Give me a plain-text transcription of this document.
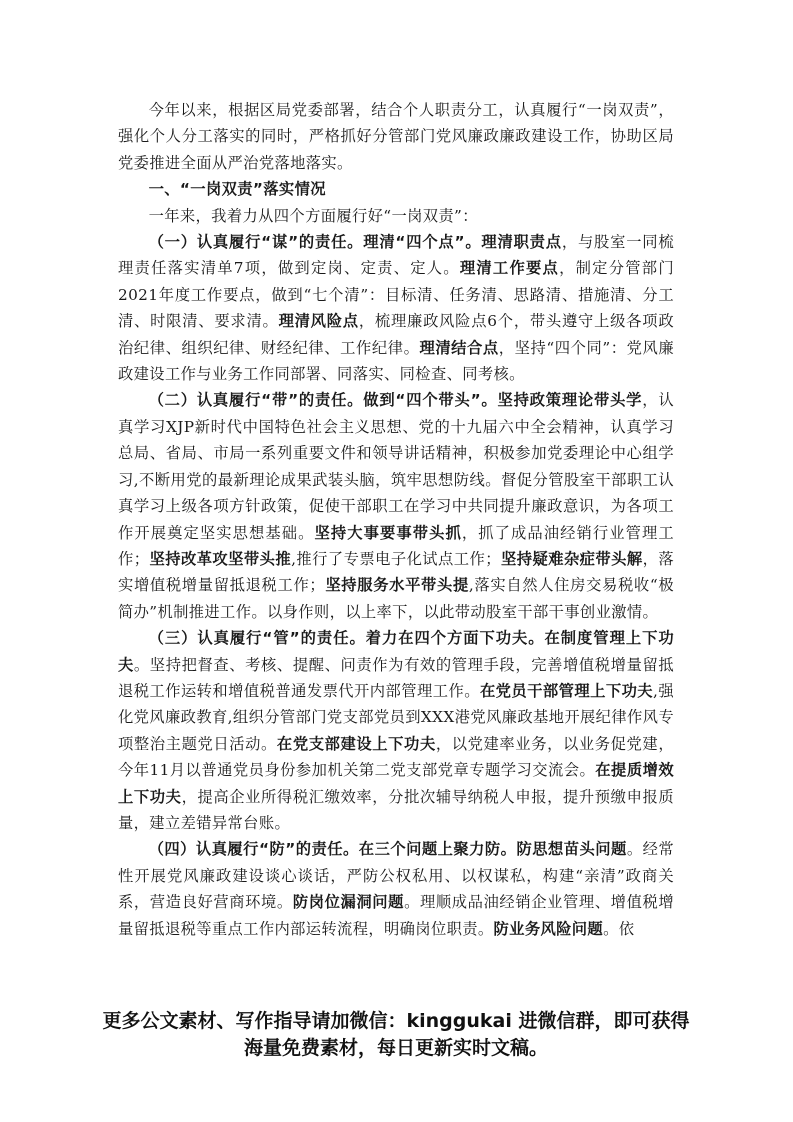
今年以来，根据区局党委部署，结合个人职责分工，认真履行“一岗双责”，强化个人分工落实的同时，严格抓好分管部门党风廉政廉政建设工作，协助区局党委推进全面从严治党落地落实。

一、“一岗双责”落实情况

一年来，我着力从四个方面履行好“一岗双责”：

（一）认真履行“谋”的责任。理清“四个点”。理清职责点，与股室一同梳理责任落实清单7项，做到定岗、定责、定人。理清工作要点，制定分管部门2021年度工作要点，做到“七个清”：目标清、任务清、思路清、措施清、分工清、时限清、要求清。理清风险点，梳理廉政风险点6个，带头遵守上级各项政治纪律、组织纪律、财经纪律、工作纪律。理清结合点，坚持“四个同”：党风廉政建设工作与业务工作同部署、同落实、同检查、同考核。

（二）认真履行“带”的责任。做到“四个带头”。坚持政策理论带头学，认真学习XJP新时代中国特色社会主义思想、党的十九届六中全会精神，认真学习总局、省局、市局一系列重要文件和领导讲话精神，积极参加党委理论中心组学习,不断用党的最新理论成果武装头脑，筑牢思想防线。督促分管股室干部职工认真学习上级各项方针政策，促使干部职工在学习中共同提升廉政意识，为各项工作开展奠定坚实思想基础。坚持大事要事带头抓，抓了成品油经销行业管理工作；坚持改革攻坚带头推,推行了专票电子化试点工作；坚持疑难杂症带头解，落实增值税增量留抵退税工作；坚持服务水平带头提,落实自然人住房交易税收“极简办”机制推进工作。以身作则，以上率下，以此带动股室干部干事创业激情。

（三）认真履行“管”的责任。着力在四个方面下功夫。在制度管理上下功夫。坚持把督查、考核、提醒、问责作为有效的管理手段，完善增值税增量留抵退税工作运转和增值税普通发票代开内部管理工作。在党员干部管理上下功夫,强化党风廉政教育,组织分管部门党支部党员到XXX港党风廉政基地开展纪律作风专项整治主题党日活动。在党支部建设上下功夫，以党建率业务，以业务促党建，今年11月以普通党员身份参加机关第二党支部党章专题学习交流会。在提质增效上下功夫，提高企业所得税汇缴效率，分批次辅导纳税人申报，提升预缴申报质量，建立差错异常台账。

（四）认真履行“防”的责任。在三个问题上聚力防。防思想苗头问题。经常性开展党风廉政建设谈心谈话，严防公权私用、以权谋私，构建“亲清”政商关系，营造良好营商环境。防岗位漏洞问题。理顺成品油经销企业管理、增值税增量留抵退税等重点工作内部运转流程，明确岗位职责。防业务风险问题。依

更多公文素材、写作指导请加微信：kinggukai 进微信群，即可获得
海量免费素材，每日更新实时文稿。
